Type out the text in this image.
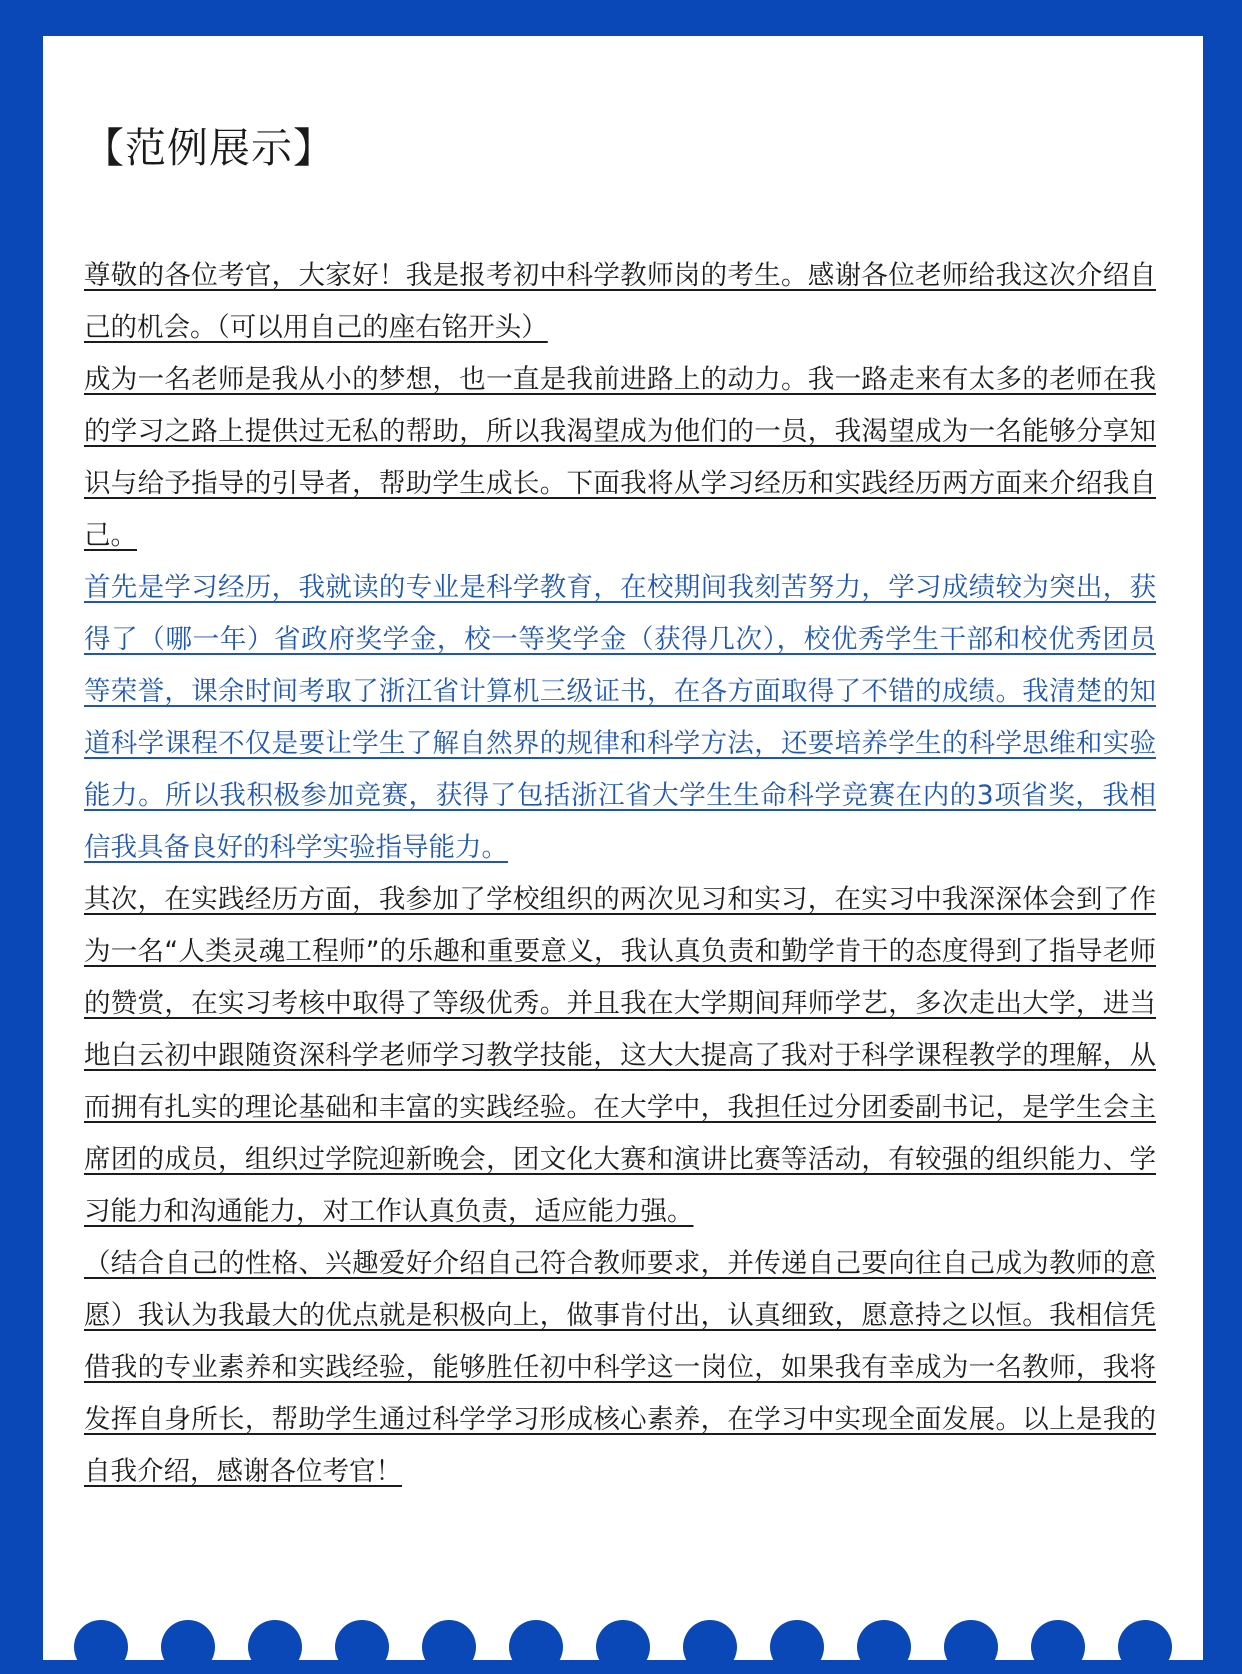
【范例展示】

尊敬的各位考官，大家好！我是报考初中科学教师岗的考生。感谢各位老师给我这次介绍自己的机会。（可以用自己的座右铭开头）

成为一名老师是我从小的梦想，也一直是我前进路上的动力。我一路走来有太多的老师在我的学习之路上提供过无私的帮助，所以我渴望成为他们的一员，我渴望成为一名能够分享知识与给予指导的引导者，帮助学生成长。下面我将从学习经历和实践经历两方面来介绍我自己。

首先是学习经历，我就读的专业是科学教育，在校期间我刻苦努力，学习成绩较为突出，获得了（哪一年）省政府奖学金，校一等奖学金（获得几次），校优秀学生干部和校优秀团员等荣誉，课余时间考取了浙江省计算机三级证书，在各方面取得了不错的成绩。我清楚的知道科学课程不仅是要让学生了解自然界的规律和科学方法，还要培养学生的科学思维和实验能力。所以我积极参加竞赛，获得了包括浙江省大学生生命科学竞赛在内的3项省奖，我相信我具备良好的科学实验指导能力。

其次，在实践经历方面，我参加了学校组织的两次见习和实习，在实习中我深深体会到了作为一名“人类灵魂工程师”的乐趣和重要意义，我认真负责和勤学肯干的态度得到了指导老师的赞赏，在实习考核中取得了等级优秀。并且我在大学期间拜师学艺，多次走出大学，进当地白云初中跟随资深科学老师学习教学技能，这大大提高了我对于科学课程教学的理解，从而拥有扎实的理论基础和丰富的实践经验。在大学中，我担任过分团委副书记，是学生会主席团的成员，组织过学院迎新晚会，团文化大赛和演讲比赛等活动，有较强的组织能力、学习能力和沟通能力，对工作认真负责，适应能力强。

（结合自己的性格、兴趣爱好介绍自己符合教师要求，并传递自己要向往自己成为教师的意愿）我认为我最大的优点就是积极向上，做事肯付出，认真细致，愿意持之以恒。我相信凭借我的专业素养和实践经验，能够胜任初中科学这一岗位，如果我有幸成为一名教师，我将发挥自身所长，帮助学生通过科学学习形成核心素养，在学习中实现全面发展。以上是我的自我介绍，感谢各位考官！
